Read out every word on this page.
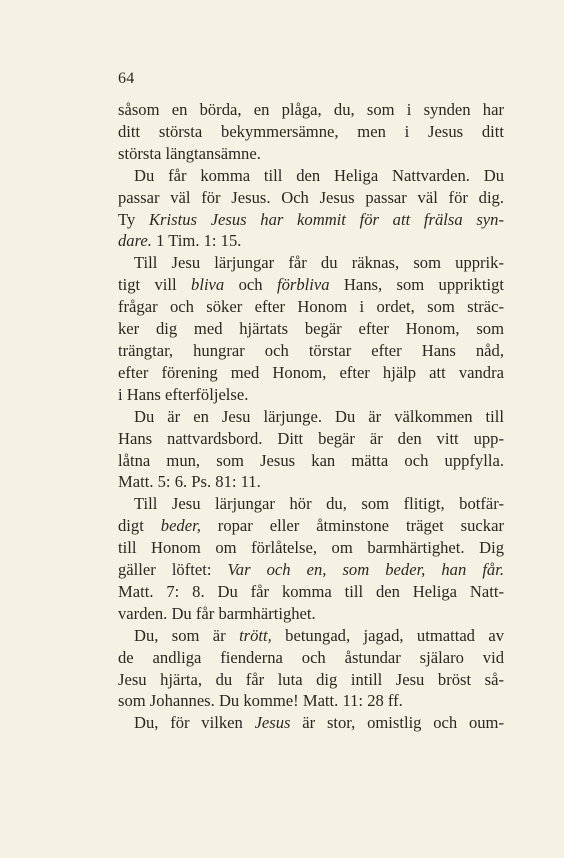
64
såsom en börda, en plåga, du, som i synden har
ditt största bekymmersämne, men i Jesus ditt
största längtansämne.
Du får komma till den Heliga Nattvarden. Du
passar väl för Jesus. Och Jesus passar väl för dig.
Ty Kristus Jesus har kommit för att frälsa syn-
dare. 1 Tim. 1: 15.
Till Jesu lärjungar får du räknas, som upprik-
tigt vill bliva och förbliva Hans, som uppriktigt
frågar och söker efter Honom i ordet, som sträc-
ker dig med hjärtats begär efter Honom, som
trängtar, hungrar och törstar efter Hans nåd,
efter förening med Honom, efter hjälp att vandra
i Hans efterföljelse.
Du är en Jesu lärjunge. Du är välkommen till
Hans nattvardsbord. Ditt begär är den vitt upp-
låtna mun, som Jesus kan mätta och uppfylla.
Matt. 5: 6. Ps. 81: 11.
Till Jesu lärjungar hör du, som flitigt, botfär-
digt beder, ropar eller åtminstone träget suckar
till Honom om förlåtelse, om barmhärtighet. Dig
gäller löftet: Var och en, som beder, han får.
Matt. 7: 8. Du får komma till den Heliga Natt-
varden. Du får barmhärtighet.
Du, som är trött, betungad, jagad, utmattad av
de andliga fienderna och åstundar själaro vid
Jesu hjärta, du får luta dig intill Jesu bröst så-
som Johannes. Du komme! Matt. 11: 28 ff.
Du, för vilken Jesus är stor, omistlig och oum-
